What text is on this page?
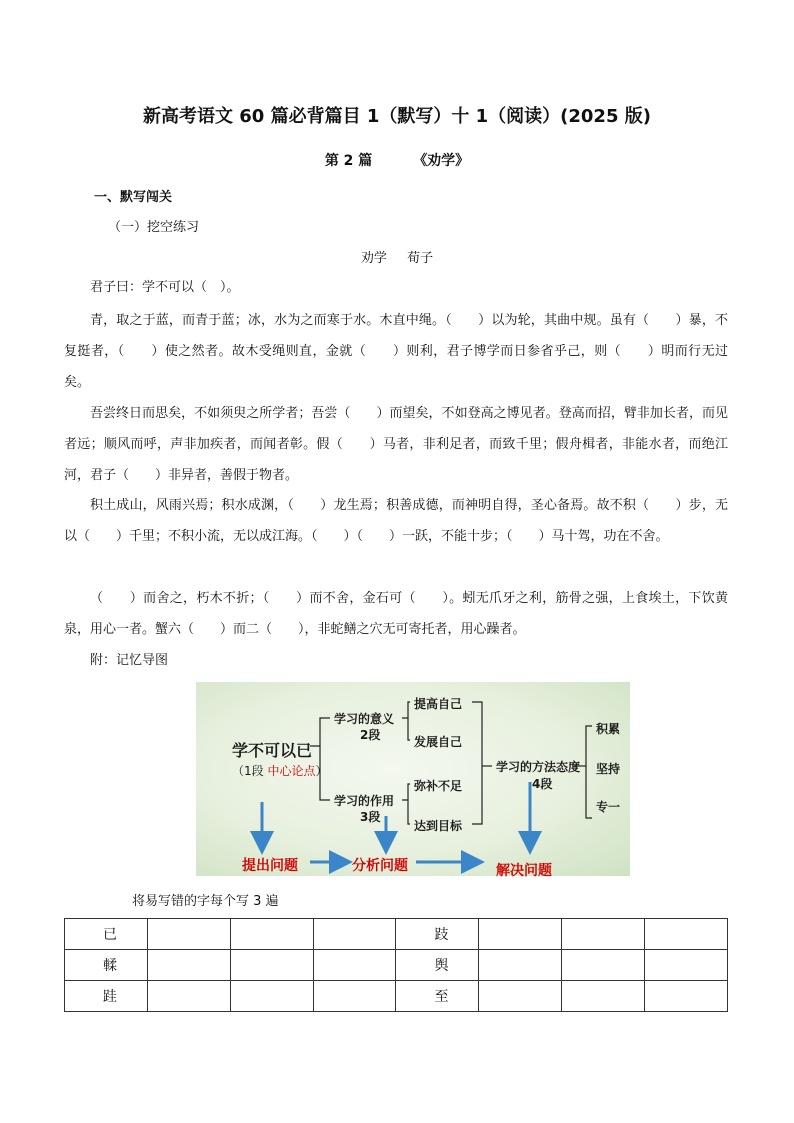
新高考语文 60 篇必背篇目 1（默写）十 1（阅读）(2025 版)
第 2 篇	《劝学》
一、默写闯关
（一）挖空练习
劝学 荀子
君子曰：学不可以（　）。
青，取之于蓝，而青于蓝；冰，水为之而寒于水。木直中绳。（　　）以为轮，其曲中规。虽有（　　）暴，不复挺者，（　　）使之然者。故木受绳则直，金就（　　）则利，君子博学而日参省乎己，则（　　）明而行无过矣。
吾尝终日而思矣，不如须臾之所学者；吾尝（　　）而望矣，不如登高之博见者。登高而招，臂非加长者，而见者远；顺风而呼，声非加疾者，而闻者彰。假（　　）马者，非利足者，而致千里；假舟楫者，非能水者，而绝江河，君子（　　）非异者，善假于物者。
积土成山，风雨兴焉；积水成渊，（　　）龙生焉；积善成德，而神明自得，圣心备焉。故不积（　　）步，无以（　　）千里；不积小流，无以成江海。（　　）（　　）一跃，不能十步；（　　）马十驾，功在不舍。
（　　）而舍之，朽木不折；（　　）而不舍，金石可（　　）。蚓无爪牙之利，筋骨之强，上食埃土，下饮黄泉，用心一者。蟹六（　　）而二（　　），非蛇鳝之穴无可寄托者，用心躁者。
附：记忆导图
学不可以已
（1段 中心论点）
学习的意义
2段
学习的作用
3段
提高自己
发展自己
弥补不足
达到目标
学习的方法态度
4段
积累
坚持
专一
提出问题	分析问题	解决问题
将易写错的字每个写 3 遍
已				跂			
輮				舆			
跬				至			
